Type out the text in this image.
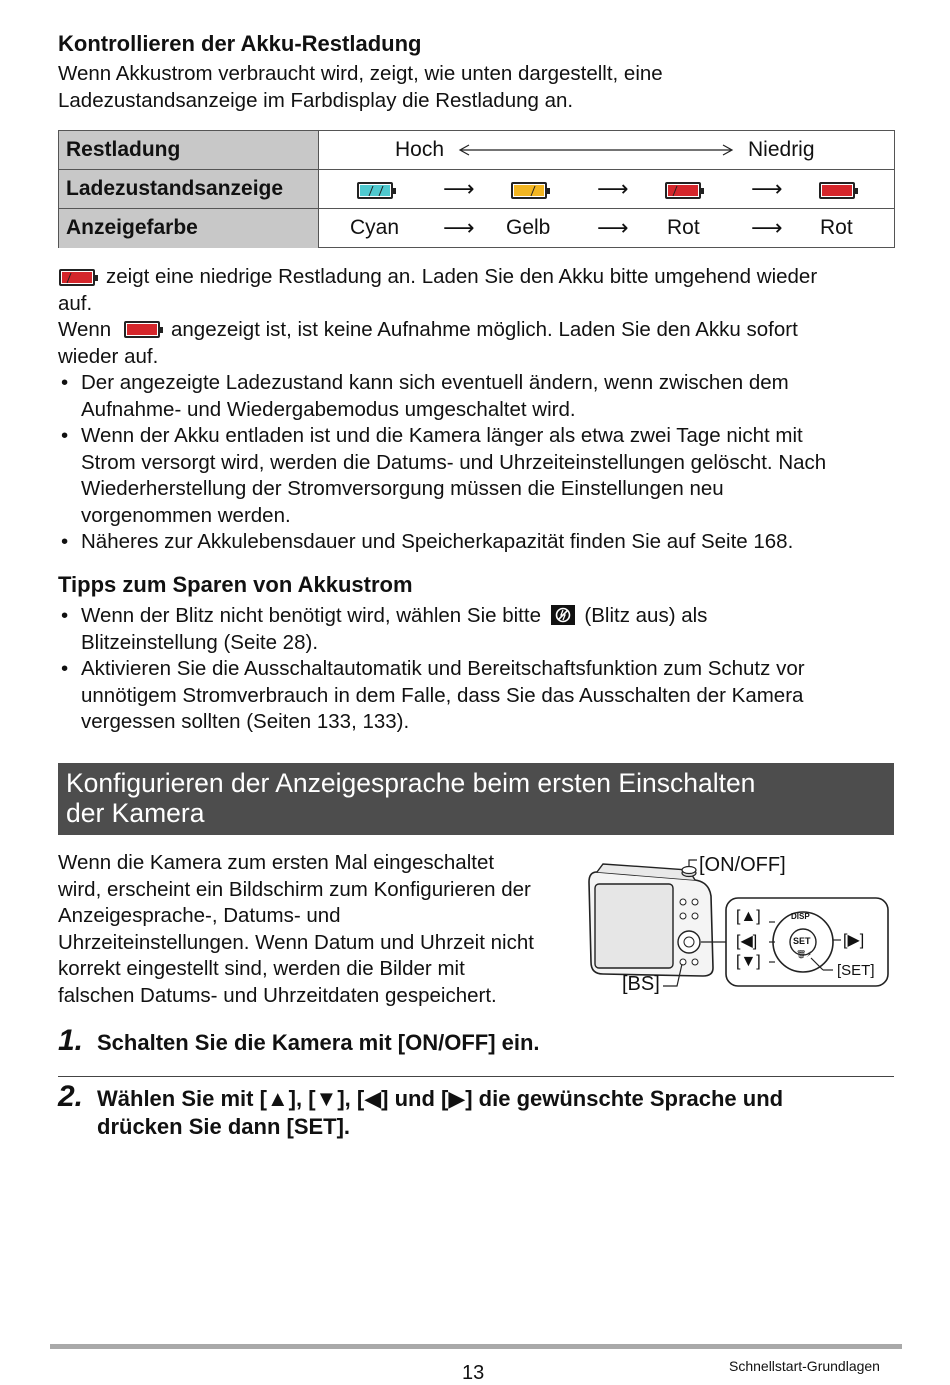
Kontrollieren der Akku-Restladung
Wenn Akkustrom verbraucht wird, zeigt, wie unten dargestellt, eine
Ladezustandsanzeige im Farbdisplay die Restladung an.
Restladung	Hoch	Niedrig
Ladezustandsanzeige	⟶	⟶	⟶
Anzeigefarbe	Cyan ⟶ Gelb ⟶ Rot ⟶ Rot
zeigt eine niedrige Restladung an. Laden Sie den Akku bitte umgehend wieder
auf.
Wenn	angezeigt ist, ist keine Aufnahme möglich. Laden Sie den Akku sofort
wieder auf.
• Der angezeigte Ladezustand kann sich eventuell ändern, wenn zwischen dem
Aufnahme- und Wiedergabemodus umgeschaltet wird.
• Wenn der Akku entladen ist und die Kamera länger als etwa zwei Tage nicht mit
Strom versorgt wird, werden die Datums- und Uhrzeiteinstellungen gelöscht. Nach
Wiederherstellung der Stromversorgung müssen die Einstellungen neu
vorgenommen werden.
• Näheres zur Akkulebensdauer und Speicherkapazität finden Sie auf Seite 168.
Tipps zum Sparen von Akkustrom
• Wenn der Blitz nicht benötigt wird, wählen Sie bitte (Blitz aus) als
Blitzeinstellung (Seite 28).
• Aktivieren Sie die Ausschaltautomatik und Bereitschaftsfunktion zum Schutz vor
unnötigem Stromverbrauch in dem Falle, dass Sie das Ausschalten der Kamera
vergessen sollten (Seiten 133, 133).
Konfigurieren der Anzeigesprache beim ersten Einschalten
der Kamera
Wenn die Kamera zum ersten Mal eingeschaltet
wird, erscheint ein Bildschirm zum Konfigurieren der
Anzeigesprache-, Datums- und
Uhrzeiteinstellungen. Wenn Datum und Uhrzeit nicht
korrekt eingestellt sind, werden die Bilder mit
falschen Datums- und Uhrzeitdaten gespeichert.
🗑⚡
[ON/OFF]
[BS]
[▲]
[◀]
[▼]
[▶]
[SET]
DISP
SET
1. Schalten Sie die Kamera mit [ON/OFF] ein.
2. Wählen Sie mit [▲], [▼], [◀] und [▶] die gewünschte Sprache und
drücken Sie dann [SET].
13	Schnellstart-Grundlagen
